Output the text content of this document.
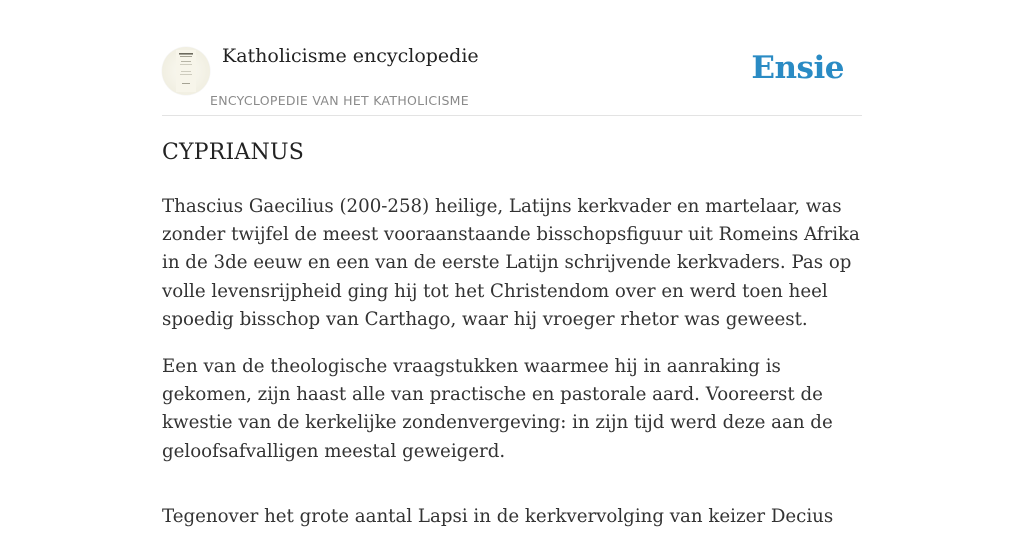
Katholicisme encyclopedie
ENCYCLOPEDIE VAN HET KATHOLICISME
Ensie
CYPRIANUS

Thascius Gaecilius (200-258) heilige, Latijns kerkvader en martelaar, was zonder twijfel de meest vooraanstaande bisschopsfiguur uit Romeins Afrika in de 3de eeuw en een van de eerste Latijn schrijvende kerkvaders. Pas op volle levensrijpheid ging hij tot het Christendom over en werd toen heel spoedig bisschop van Carthago, waar hij vroeger rhetor was geweest.

Een van de theologische vraagstukken waarmee hij in aanraking is gekomen, zijn haast alle van practische en pastorale aard. Vooreerst de kwestie van de kerkelijke zondenvergeving: in zijn tijd werd deze aan de geloofsafvalligen meestal geweigerd.

Tegenover het grote aantal Lapsi in de kerkvervolging van keizer Decius
